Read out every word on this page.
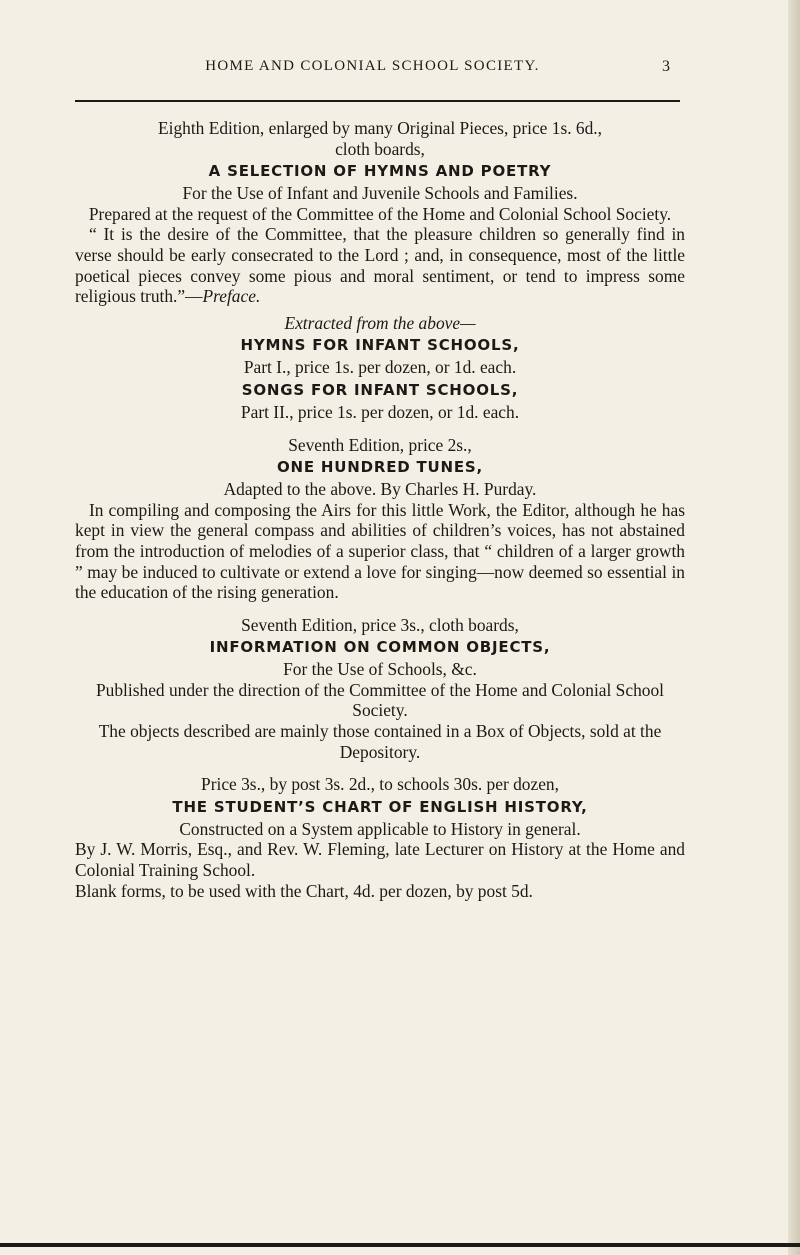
HOME AND COLONIAL SCHOOL SOCIETY.	3
Eighth Edition, enlarged by many Original Pieces, price 1s. 6d.,
cloth boards,
A SELECTION OF HYMNS AND POETRY
For the Use of Infant and Juvenile Schools and Families.
Prepared at the request of the Committee of the Home and Colonial School Society.
“ It is the desire of the Committee, that the pleasure children so generally find in verse should be early consecrated to the Lord ; and, in consequence, most of the little poetical pieces convey some pious and moral sentiment, or tend to impress some religious truth.”—Preface.
Extracted from the above—
HYMNS FOR INFANT SCHOOLS,
Part I., price 1s. per dozen, or 1d. each.
SONGS FOR INFANT SCHOOLS,
Part II., price 1s. per dozen, or 1d. each.
Seventh Edition, price 2s.,
ONE HUNDRED TUNES,
Adapted to the above. By Charles H. Purday.
In compiling and composing the Airs for this little Work, the Editor, although he has kept in view the general compass and abilities of children’s voices, has not abstained from the introduction of melodies of a superior class, that “ children of a larger growth ” may be induced to cultivate or extend a love for singing—now deemed so essential in the education of the rising generation.
Seventh Edition, price 3s., cloth boards,
INFORMATION ON COMMON OBJECTS,
For the Use of Schools, &c.
Published under the direction of the Committee of the Home and Colonial School Society.
The objects described are mainly those contained in a Box of Objects, sold at the Depository.
Price 3s., by post 3s. 2d., to schools 30s. per dozen,
THE STUDENT’S CHART OF ENGLISH HISTORY,
Constructed on a System applicable to History in general.
By J. W. Morris, Esq., and Rev. W. Fleming, late Lecturer on History at the Home and Colonial Training School.
Blank forms, to be used with the Chart, 4d. per dozen, by post 5d.
